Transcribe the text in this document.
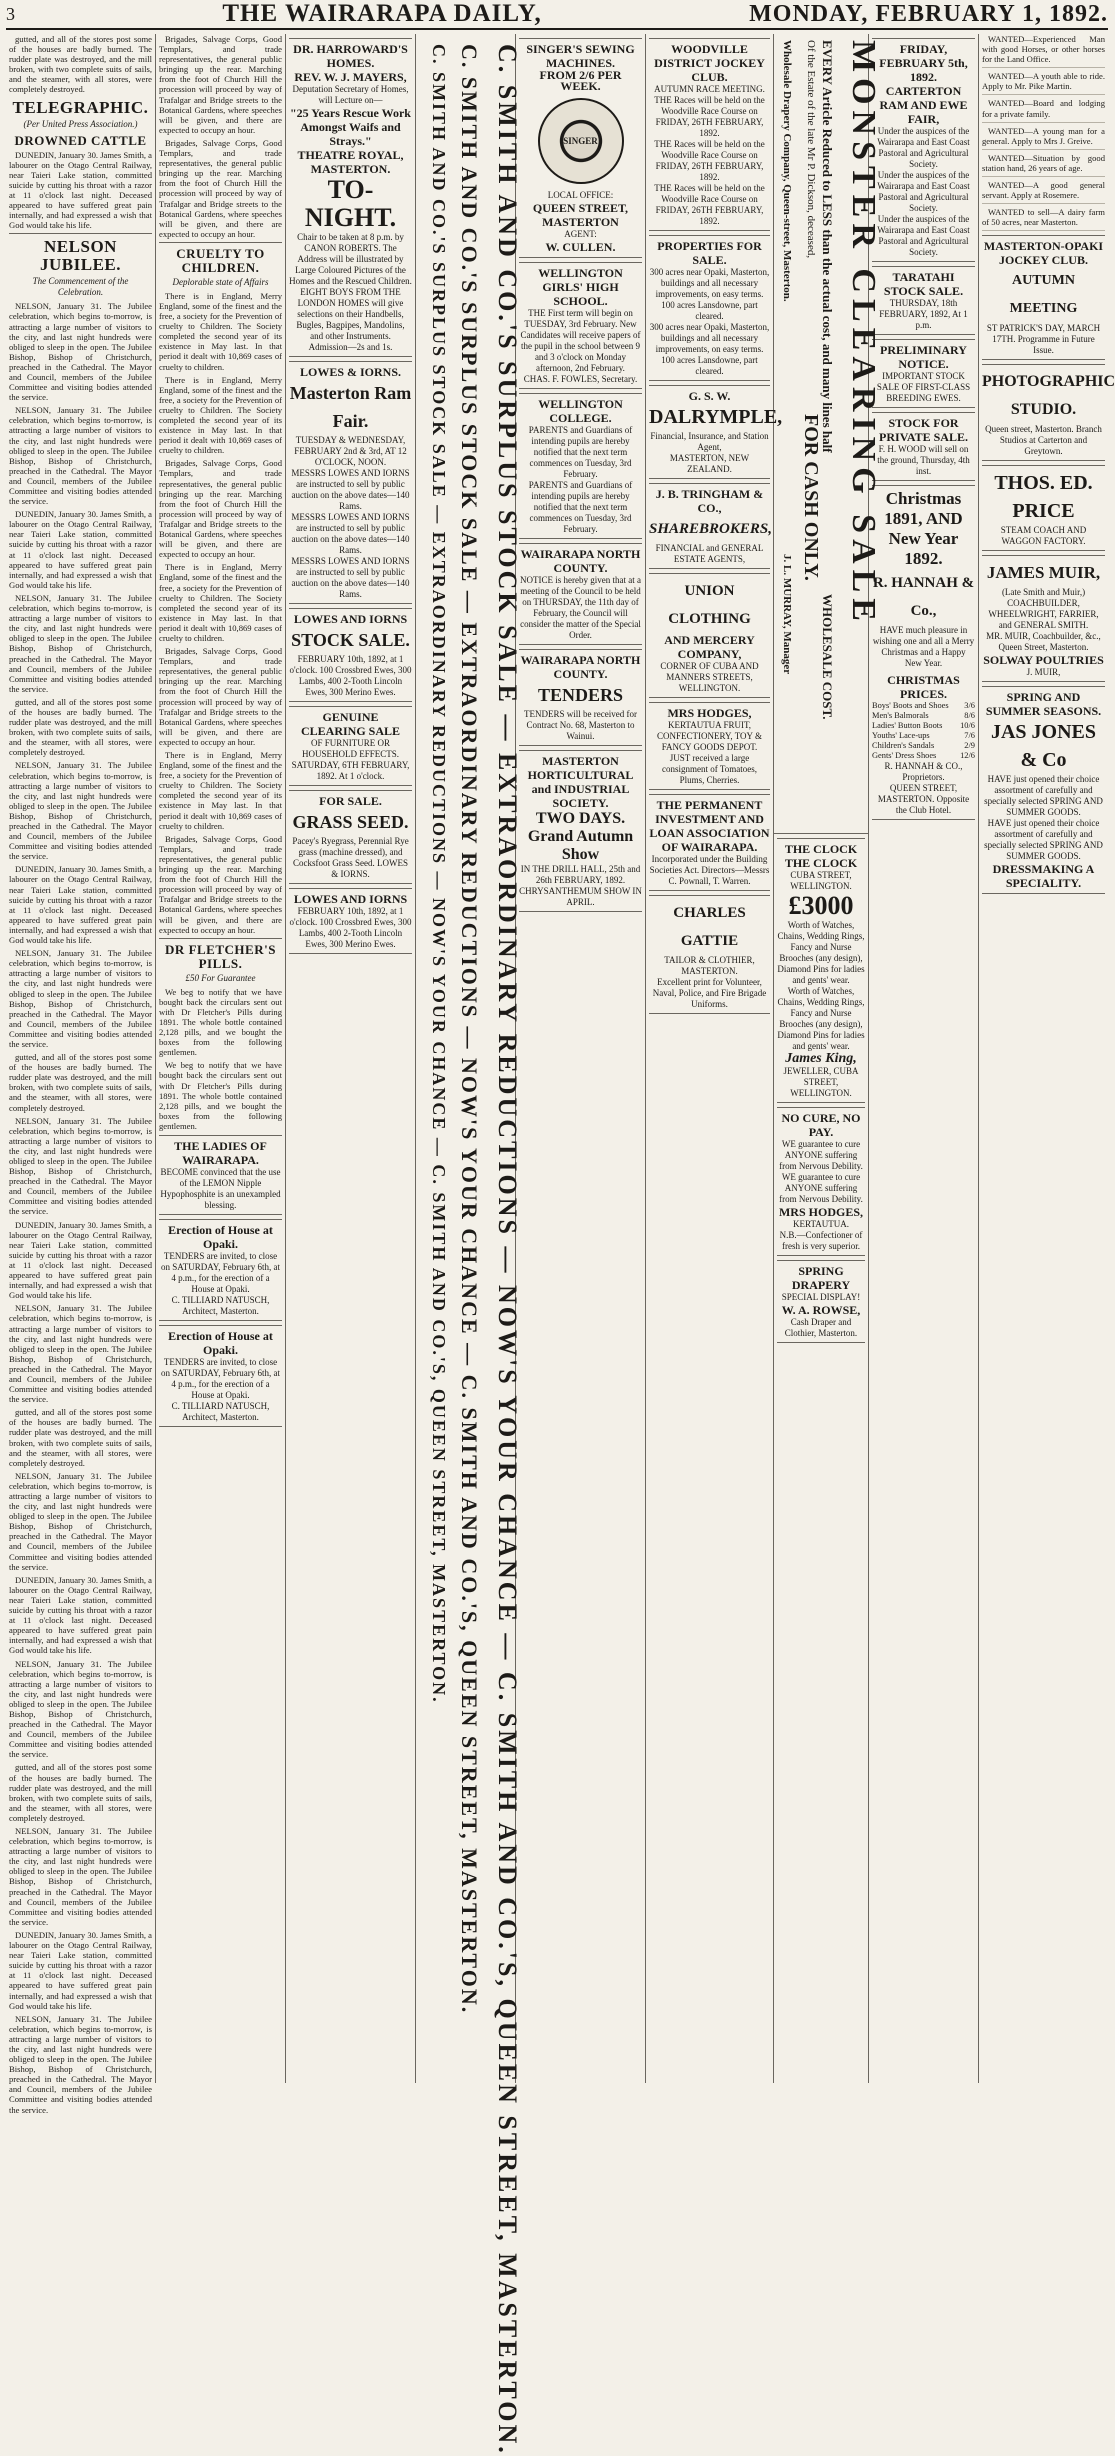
3	THE WAIRARAPA DAILY,	MONDAY, FEBRUARY 1, 1892.

gutted, and all of the stores post some of the houses are badly burned. The rudder plate was destroyed, and the mill broken, with two complete suits of sails, and the steamer, with all stores, were completely destroyed.

TELEGRAPHIC.
(Per United Press Association.)
DROWNED CATTLE

DUNEDIN, January 30. James Smith, a labourer on the Otago Central Railway, near Taieri Lake station, committed suicide by cutting his throat with a razor at 11 o'clock last night. Deceased appeared to have suffered great pain internally, and had expressed a wish that God would take his life.

NELSON JUBILEE.
The Commencement of the Celebration.

NELSON, January 31. The Jubilee celebration, which begins to-morrow, is attracting a large number of visitors to the city, and last night hundreds were obliged to sleep in the open. The Jubilee Bishop, Bishop of Christchurch, preached in the Cathedral. The Mayor and Council, members of the Jubilee Committee and visiting bodies attended the service.

NELSON, January 31. The Jubilee celebration, which begins to-morrow, is attracting a large number of visitors to the city, and last night hundreds were obliged to sleep in the open. The Jubilee Bishop, Bishop of Christchurch, preached in the Cathedral. The Mayor and Council, members of the Jubilee Committee and visiting bodies attended the service.

DUNEDIN, January 30. James Smith, a labourer on the Otago Central Railway, near Taieri Lake station, committed suicide by cutting his throat with a razor at 11 o'clock last night. Deceased appeared to have suffered great pain internally, and had expressed a wish that God would take his life.

NELSON, January 31. The Jubilee celebration, which begins to-morrow, is attracting a large number of visitors to the city, and last night hundreds were obliged to sleep in the open. The Jubilee Bishop, Bishop of Christchurch, preached in the Cathedral. The Mayor and Council, members of the Jubilee Committee and visiting bodies attended the service.

gutted, and all of the stores post some of the houses are badly burned. The rudder plate was destroyed, and the mill broken, with two complete suits of sails, and the steamer, with all stores, were completely destroyed.

NELSON, January 31. The Jubilee celebration, which begins to-morrow, is attracting a large number of visitors to the city, and last night hundreds were obliged to sleep in the open. The Jubilee Bishop, Bishop of Christchurch, preached in the Cathedral. The Mayor and Council, members of the Jubilee Committee and visiting bodies attended the service.

DUNEDIN, January 30. James Smith, a labourer on the Otago Central Railway, near Taieri Lake station, committed suicide by cutting his throat with a razor at 11 o'clock last night. Deceased appeared to have suffered great pain internally, and had expressed a wish that God would take his life.

NELSON, January 31. The Jubilee celebration, which begins to-morrow, is attracting a large number of visitors to the city, and last night hundreds were obliged to sleep in the open. The Jubilee Bishop, Bishop of Christchurch, preached in the Cathedral. The Mayor and Council, members of the Jubilee Committee and visiting bodies attended the service.

gutted, and all of the stores post some of the houses are badly burned. The rudder plate was destroyed, and the mill broken, with two complete suits of sails, and the steamer, with all stores, were completely destroyed.

NELSON, January 31. The Jubilee celebration, which begins to-morrow, is attracting a large number of visitors to the city, and last night hundreds were obliged to sleep in the open. The Jubilee Bishop, Bishop of Christchurch, preached in the Cathedral. The Mayor and Council, members of the Jubilee Committee and visiting bodies attended the service.

DUNEDIN, January 30. James Smith, a labourer on the Otago Central Railway, near Taieri Lake station, committed suicide by cutting his throat with a razor at 11 o'clock last night. Deceased appeared to have suffered great pain internally, and had expressed a wish that God would take his life.

NELSON, January 31. The Jubilee celebration, which begins to-morrow, is attracting a large number of visitors to the city, and last night hundreds were obliged to sleep in the open. The Jubilee Bishop, Bishop of Christchurch, preached in the Cathedral. The Mayor and Council, members of the Jubilee Committee and visiting bodies attended the service.

gutted, and all of the stores post some of the houses are badly burned. The rudder plate was destroyed, and the mill broken, with two complete suits of sails, and the steamer, with all stores, were completely destroyed.

NELSON, January 31. The Jubilee celebration, which begins to-morrow, is attracting a large number of visitors to the city, and last night hundreds were obliged to sleep in the open. The Jubilee Bishop, Bishop of Christchurch, preached in the Cathedral. The Mayor and Council, members of the Jubilee Committee and visiting bodies attended the service.

DUNEDIN, January 30. James Smith, a labourer on the Otago Central Railway, near Taieri Lake station, committed suicide by cutting his throat with a razor at 11 o'clock last night. Deceased appeared to have suffered great pain internally, and had expressed a wish that God would take his life.

NELSON, January 31. The Jubilee celebration, which begins to-morrow, is attracting a large number of visitors to the city, and last night hundreds were obliged to sleep in the open. The Jubilee Bishop, Bishop of Christchurch, preached in the Cathedral. The Mayor and Council, members of the Jubilee Committee and visiting bodies attended the service.

gutted, and all of the stores post some of the houses are badly burned. The rudder plate was destroyed, and the mill broken, with two complete suits of sails, and the steamer, with all stores, were completely destroyed.

NELSON, January 31. The Jubilee celebration, which begins to-morrow, is attracting a large number of visitors to the city, and last night hundreds were obliged to sleep in the open. The Jubilee Bishop, Bishop of Christchurch, preached in the Cathedral. The Mayor and Council, members of the Jubilee Committee and visiting bodies attended the service.

DUNEDIN, January 30. James Smith, a labourer on the Otago Central Railway, near Taieri Lake station, committed suicide by cutting his throat with a razor at 11 o'clock last night. Deceased appeared to have suffered great pain internally, and had expressed a wish that God would take his life.

NELSON, January 31. The Jubilee celebration, which begins to-morrow, is attracting a large number of visitors to the city, and last night hundreds were obliged to sleep in the open. The Jubilee Bishop, Bishop of Christchurch, preached in the Cathedral. The Mayor and Council, members of the Jubilee Committee and visiting bodies attended the service.

Brigades, Salvage Corps, Good Templars, and trade representatives, the general public bringing up the rear. Marching from the foot of Church Hill the procession will proceed by way of Trafalgar and Bridge streets to the Botanical Gardens, where speeches will be given, and there are expected to occupy an hour.

Brigades, Salvage Corps, Good Templars, and trade representatives, the general public bringing up the rear. Marching from the foot of Church Hill the procession will proceed by way of Trafalgar and Bridge streets to the Botanical Gardens, where speeches will be given, and there are expected to occupy an hour.

CRUELTY TO CHILDREN.
Deplorable state of Affairs

There is in England, Merry England, some of the finest and the free, a society for the Prevention of cruelty to Children. The Society completed the second year of its existence in May last. In that period it dealt with 10,869 cases of cruelty to children.

There is in England, Merry England, some of the finest and the free, a society for the Prevention of cruelty to Children. The Society completed the second year of its existence in May last. In that period it dealt with 10,869 cases of cruelty to children.

Brigades, Salvage Corps, Good Templars, and trade representatives, the general public bringing up the rear. Marching from the foot of Church Hill the procession will proceed by way of Trafalgar and Bridge streets to the Botanical Gardens, where speeches will be given, and there are expected to occupy an hour.

There is in England, Merry England, some of the finest and the free, a society for the Prevention of cruelty to Children. The Society completed the second year of its existence in May last. In that period it dealt with 10,869 cases of cruelty to children.

Brigades, Salvage Corps, Good Templars, and trade representatives, the general public bringing up the rear. Marching from the foot of Church Hill the procession will proceed by way of Trafalgar and Bridge streets to the Botanical Gardens, where speeches will be given, and there are expected to occupy an hour.

There is in England, Merry England, some of the finest and the free, a society for the Prevention of cruelty to Children. The Society completed the second year of its existence in May last. In that period it dealt with 10,869 cases of cruelty to children.

Brigades, Salvage Corps, Good Templars, and trade representatives, the general public bringing up the rear. Marching from the foot of Church Hill the procession will proceed by way of Trafalgar and Bridge streets to the Botanical Gardens, where speeches will be given, and there are expected to occupy an hour.

DR FLETCHER'S PILLS.
£50 For Guarantee

We beg to notify that we have bought back the circulars sent out with Dr Fletcher's Pills during 1891. The whole bottle contained 2,128 pills, and we bought the boxes from the following gentlemen.

We beg to notify that we have bought back the circulars sent out with Dr Fletcher's Pills during 1891. The whole bottle contained 2,128 pills, and we bought the boxes from the following gentlemen.

THE LADIES OF WAIRARAPA.
BECOME convinced that the use of the LEMON Nipple Hypophosphite is an unexampled blessing.
Erection of House at Opaki.
TENDERS are invited, to close on SATURDAY, February 6th, at 4 p.m., for the erection of a House at Opaki.
C. TILLIARD NATUSCH, Architect, Masterton.
Erection of House at Opaki.
TENDERS are invited, to close on SATURDAY, February 6th, at 4 p.m., for the erection of a House at Opaki.
C. TILLIARD NATUSCH, Architect, Masterton.
DR. HARROWARD'S HOMES.
REV. W. J. MAYERS,
Deputation Secretary of Homes, will Lecture on—
"25 Years Rescue Work Amongst Waifs and Strays."
THEATRE ROYAL, MASTERTON.
TO-NIGHT.
Chair to be taken at 8 p.m. by CANON ROBERTS. The Address will be illustrated by Large Coloured Pictures of the Homes and the Rescued Children. EIGHT BOYS FROM THE LONDON HOMES will give selections on their Handbells, Bugles, Bagpipes, Mandolins, and other Instruments.
Admission—2s and 1s.
LOWES & IORNS.
Masterton Ram Fair.
TUESDAY & WEDNESDAY, FEBRUARY 2nd & 3rd, AT 12 O'CLOCK, NOON.
MESSRS LOWES AND IORNS are instructed to sell by public auction on the above dates—140 Rams.
MESSRS LOWES AND IORNS are instructed to sell by public auction on the above dates—140 Rams.
MESSRS LOWES AND IORNS are instructed to sell by public auction on the above dates—140 Rams.
LOWES AND IORNS
STOCK SALE.
FEBRUARY 10th, 1892, at 1 o'clock. 100 Crossbred Ewes, 300 Lambs, 400 2-Tooth Lincoln Ewes, 300 Merino Ewes.
GENUINE CLEARING SALE
OF FURNITURE OR HOUSEHOLD EFFECTS.
SATURDAY, 6TH FEBRUARY, 1892. At 1 o'clock.
FOR SALE.
GRASS SEED.
Pacey's Ryegrass, Perennial Rye grass (machine dressed), and Cocksfoot Grass Seed. LOWES & IORNS.
LOWES AND IORNS
FEBRUARY 10th, 1892, at 1 o'clock. 100 Crossbred Ewes, 300 Lambs, 400 2-Tooth Lincoln Ewes, 300 Merino Ewes.	C. SMITH AND CO.'S SURPLUS STOCK SALE — EXTRAORDINARY REDUCTIONS — NOW'S YOUR CHANCE — C. SMITH AND CO.'S, QUEEN STREET, MASTERTON.
C. SMITH AND CO.'S SURPLUS STOCK SALE — EXTRAORDINARY REDUCTIONS — NOW'S YOUR CHANCE — C. SMITH AND CO.'S, QUEEN STREET, MASTERTON.
C. SMITH AND CO.'S SURPLUS STOCK SALE — EXTRAORDINARY REDUCTIONS — NOW'S YOUR CHANCE — C. SMITH AND CO.'S, QUEEN STREET, MASTERTON.	SINGER'S SEWING MACHINES.
FROM 2/6 PER WEEK.
SINGER
LOCAL OFFICE:
QUEEN STREET, MASTERTON
AGENT:
W. CULLEN.
WELLINGTON GIRLS' HIGH SCHOOL.
THE First term will begin on TUESDAY, 3rd February. New Candidates will receive papers of the pupil in the school between 9 and 3 o'clock on Monday afternoon, 2nd February.
CHAS. F. FOWLES, Secretary.
WELLINGTON COLLEGE.
PARENTS and Guardians of intending pupils are hereby notified that the next term commences on Tuesday, 3rd February.
PARENTS and Guardians of intending pupils are hereby notified that the next term commences on Tuesday, 3rd February.
WAIRARAPA NORTH COUNTY.
NOTICE is hereby given that at a meeting of the Council to be held on THURSDAY, the 11th day of February, the Council will consider the matter of the Special Order.
WAIRARAPA NORTH COUNTY.
TENDERS
TENDERS will be received for Contract No. 68, Masterton to Wainui.
MASTERTON HORTICULTURAL and INDUSTRIAL SOCIETY.
TWO DAYS. Grand Autumn Show
IN THE DRILL HALL, 25th and 26th FEBRUARY, 1892. CHRYSANTHEMUM SHOW IN APRIL.
WOODVILLE DISTRICT JOCKEY CLUB.
AUTUMN RACE MEETING.
THE Races will be held on the Woodville Race Course on FRIDAY, 26TH FEBRUARY, 1892.
THE Races will be held on the Woodville Race Course on FRIDAY, 26TH FEBRUARY, 1892.
THE Races will be held on the Woodville Race Course on FRIDAY, 26TH FEBRUARY, 1892.
PROPERTIES FOR SALE.
300 acres near Opaki, Masterton, buildings and all necessary improvements, on easy terms. 100 acres Lansdowne, part cleared.
300 acres near Opaki, Masterton, buildings and all necessary improvements, on easy terms. 100 acres Lansdowne, part cleared.
G. S. W.
DALRYMPLE,
Financial, Insurance, and Station Agent,
MASTERTON, NEW ZEALAND.
J. B. TRINGHAM & CO.,
SHAREBROKERS,
FINANCIAL and GENERAL ESTATE AGENTS,
UNION CLOTHING
AND MERCERY COMPANY,
CORNER OF CUBA AND MANNERS STREETS, WELLINGTON.
MRS HODGES,
KERTAUTUA FRUIT, CONFECTIONERY, TOY & FANCY GOODS DEPOT.
JUST received a large consignment of Tomatoes, Plums, Cherries.
THE PERMANENT INVESTMENT AND LOAN ASSOCIATION OF WAIRARAPA.
Incorporated under the Building Societies Act. Directors—Messrs C. Pownall, T. Warren.
CHARLES GATTIE
TAILOR & CLOTHIER, MASTERTON.
Excellent print for Volunteer, Naval, Police, and Fire Brigade Uniforms.
MONSTER CLEARING SALE
EVERY Article Reduced to LESS than the actual cost, and many lines half
WHOLESALE COST.
Of the Estate of the late Mr P. Dickson, deceased,
FOR CASH ONLY.
Wholesale Drapery Company, Queen-street, Masterton.
J. L. MURRAY, Manager
THE CLOCK THE CLOCK
CUBA STREET, WELLINGTON.
£3000
Worth of Watches, Chains, Wedding Rings, Fancy and Nurse Brooches (any design), Diamond Pins for ladies and gents' wear.
Worth of Watches, Chains, Wedding Rings, Fancy and Nurse Brooches (any design), Diamond Pins for ladies and gents' wear.
James King,
JEWELLER, CUBA STREET, WELLINGTON.
NO CURE, NO PAY.
WE guarantee to cure ANYONE suffering from Nervous Debility.
WE guarantee to cure ANYONE suffering from Nervous Debility.
MRS HODGES,
KERTAUTUA.
N.B.—Confectioner of fresh is very superior.
SPRING DRAPERY
SPECIAL DISPLAY!
W. A. ROWSE,
Cash Draper and Clothier, Masterton.
FRIDAY, FEBRUARY 5th, 1892.
CARTERTON RAM AND EWE FAIR,
Under the auspices of the Wairarapa and East Coast Pastoral and Agricultural Society.
Under the auspices of the Wairarapa and East Coast Pastoral and Agricultural Society.
Under the auspices of the Wairarapa and East Coast Pastoral and Agricultural Society.
TARATAHI STOCK SALE.
THURSDAY, 18th FEBRUARY, 1892, At 1 p.m.
PRELIMINARY NOTICE.
IMPORTANT STOCK SALE OF FIRST-CLASS BREEDING EWES.
STOCK FOR PRIVATE SALE.
F. H. WOOD will sell on the ground, Thursday, 4th inst.
Christmas 1891, AND New Year 1892.
R. HANNAH & Co.,
HAVE much pleasure in wishing one and all a Merry Christmas and a Happy New Year.
CHRISTMAS PRICES.
Boys' Boots and Shoes 3/6
Men's Balmorals	8/6
Ladies' Button Boots 10/6
Youths' Lace-ups	7/6
Children's Sandals	2/9
Gents' Dress Shoes	12/6
R. HANNAH & CO., Proprietors.
QUEEN STREET, MASTERTON. Opposite the Club Hotel.

WANTED—Experienced Man with good Horses, or other horses for the Land Office.

WANTED—A youth able to ride. Apply to Mr. Pike Martin.

WANTED—Board and lodging for a private family.

WANTED—A young man for a general. Apply to Mrs J. Greive.

WANTED—Situation by good station hand, 26 years of age.

WANTED—A good general servant. Apply at Rosemere.

WANTED to sell—A dairy farm of 50 acres, near Masterton.

MASTERTON-OPAKI JOCKEY CLUB.
AUTUMN MEETING
ST PATRICK'S DAY, MARCH 17TH. Programme in Future Issue.
PHOTOGRAPHIC STUDIO.
Queen street, Masterton. Branch Studios at Carterton and Greytown.
THOS. ED. PRICE
STEAM COACH AND WAGGON FACTORY.
JAMES MUIR,
(Late Smith and Muir,) COACHBUILDER, WHEELWRIGHT, FARRIER, and GENERAL SMITH.
MR. MUIR, Coachbuilder, &c., Queen Street, Masterton.
SOLWAY POULTRIES
J. MUIR,
SPRING AND SUMMER SEASONS.
JAS JONES & Co
HAVE just opened their choice assortment of carefully and specially selected SPRING AND SUMMER GOODS.
HAVE just opened their choice assortment of carefully and specially selected SPRING AND SUMMER GOODS.
DRESSMAKING A SPECIALITY.
